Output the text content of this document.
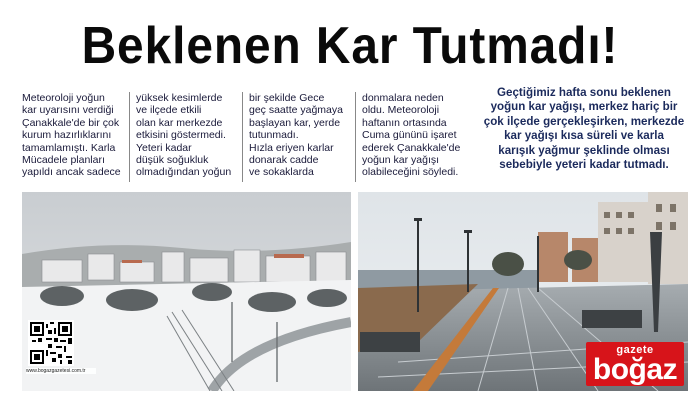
Beklenen Kar Tutmadı!

Meteoroloji yoğun

kar uyarısını verdiği

Çanakkale'de bir çok

kurum hazırlıklarını

tamamlamıştı. Karla

Mücadele planları

yapıldı ancak sadece

yüksek kesimlerde

ve ilçede etkili

olan kar merkezde

etkisini göstermedi.

Yeteri kadar

düşük soğukluk

olmadığından yoğun

bir şekilde Gece

geç saatte yağmaya

başlayan kar, yerde

tutunmadı.

Hızla eriyen karlar

donarak cadde

ve sokaklarda

donmalara neden

oldu. Meteoroloji

haftanın ortasında

Cuma gününü işaret

ederek Çanakkale'de

yoğun kar yağışı

olabileceğini söyledi.

Geçtiğimiz hafta sonu beklenen
yoğun kar yağışı, merkez hariç bir
çok ilçede gerçekleşirken, merkezde
kar yağışı kısa süreli ve karla
karışık yağmur şeklinde olması
sebebiyle yeteri kadar tutmadı.
www.bogazgazetesi.com.tr
gazete
boğaz
